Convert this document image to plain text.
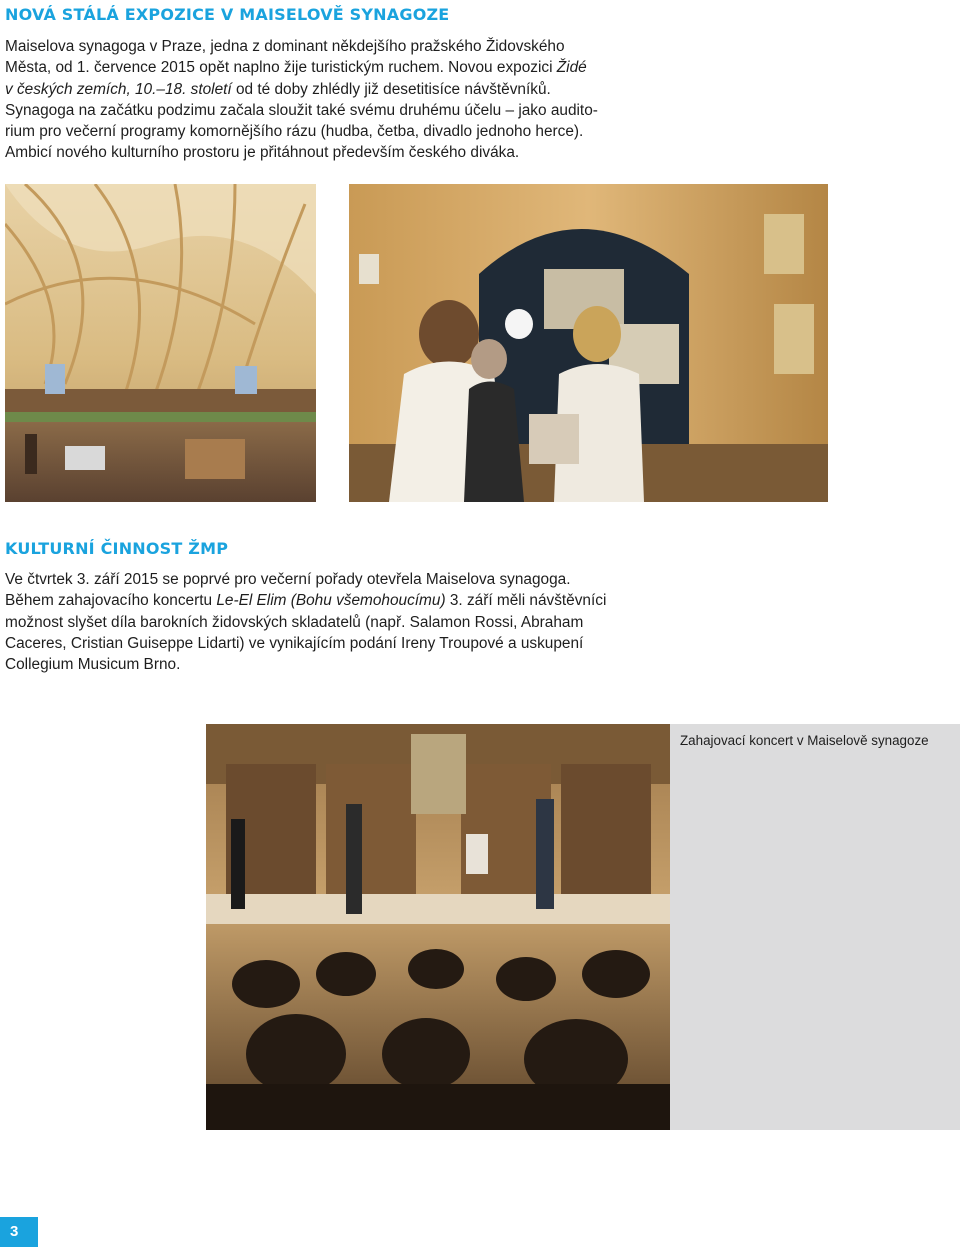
NOVÁ STÁLÁ EXPOZICE V MAISELOVĚ SYNAGOZE
Maiselova synagoga v Praze, jedna z dominant někdejšího pražského Židovského
Města, od 1. července 2015 opět naplno žije turistickým ruchem. Novou expozici Židé
v českých zemích, 10.–18. století od té doby zhlédly již desetitisíce návštěvníků.
Synagoga na začátku podzimu začala sloužit také svému druhému účelu – jako audito-
rium pro večerní programy komornějšího rázu (hudba, četba, divadlo jednoho herce).
Ambicí nového kulturního prostoru je přitáhnout především českého diváka.
KULTURNÍ ČINNOST ŽMP
Ve čtvrtek 3. září 2015 se poprvé pro večerní pořady otevřela Maiselova synagoga.
Během zahajovacího koncertu Le-El Elim (Bohu všemohoucímu) 3. září měli návštěvníci
možnost slyšet díla barokních židovských skladatelů (např. Salamon Rossi, Abraham
Caceres, Cristian Guiseppe Lidarti) ve vynikajícím podání Ireny Troupové a uskupení
Collegium Musicum Brno.
Zahajovací koncert v Maiselově synagoze
3
